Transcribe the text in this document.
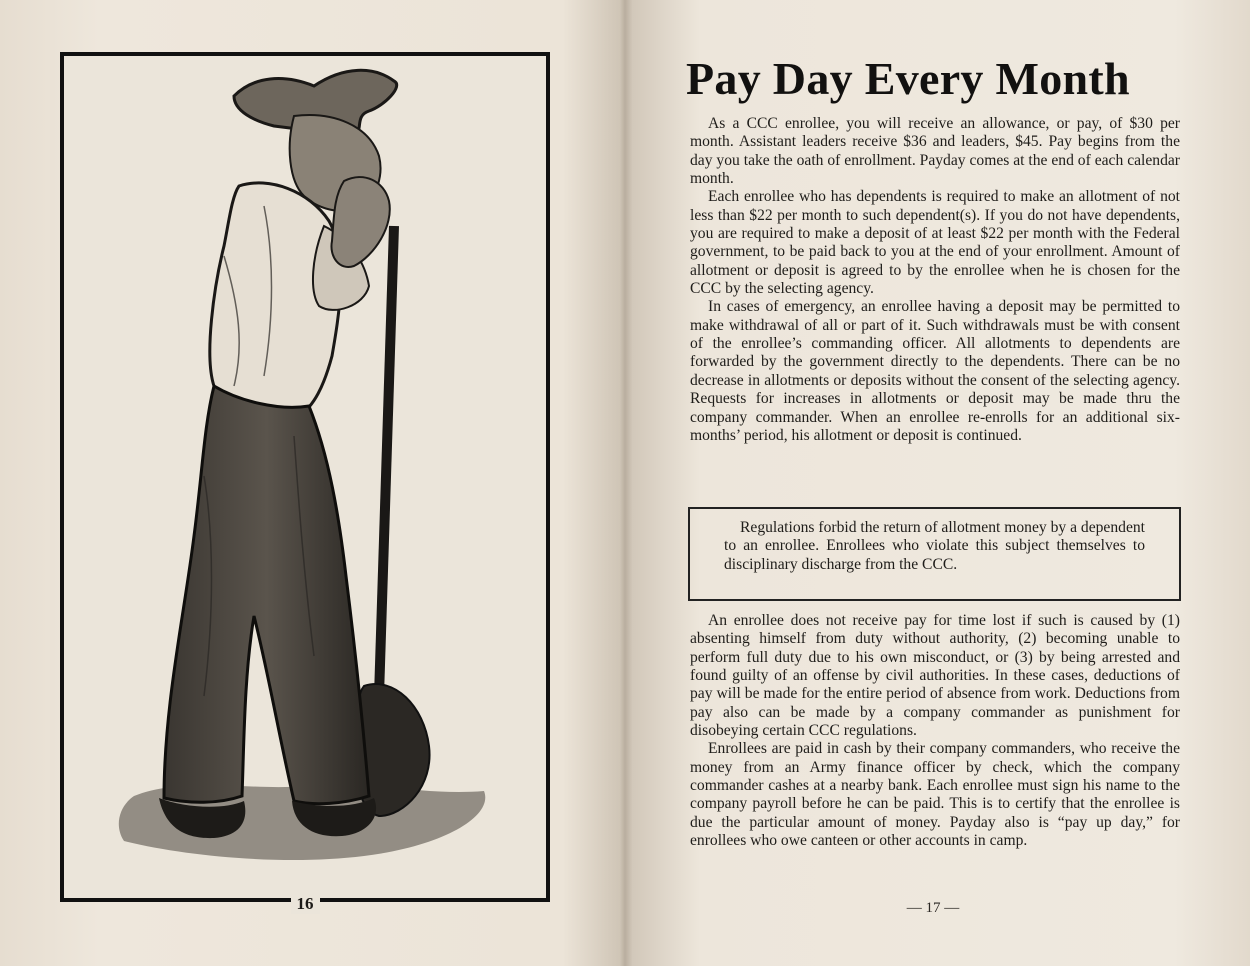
16
Pay Day Every Month

As a CCC enrollee, you will receive an allowance, or pay, of $30 per month. Assistant leaders receive $36 and leaders, $45. Pay begins from the day you take the oath of enrollment. Payday comes at the end of each calendar month.

Each enrollee who has dependents is required to make an allotment of not less than $22 per month to such dependent(s). If you do not have dependents, you are required to make a deposit of at least $22 per month with the Federal government, to be paid back to you at the end of your enrollment. Amount of allotment or deposit is agreed to by the enrollee when he is chosen for the CCC by the selecting agency.

In cases of emergency, an enrollee having a deposit may be permitted to make withdrawal of all or part of it. Such withdrawals must be with consent of the enrollee’s commanding officer. All allotments to dependents are forwarded by the government directly to the dependents. There can be no decrease in allotments or deposits without the consent of the selecting agency. Requests for increases in allotments or deposit may be made thru the company commander. When an enrollee re-enrolls for an additional six-months’ period, his allotment or deposit is continued.

Regulations forbid the return of allotment money by a dependent to an enrollee. Enrollees who violate this subject themselves to disciplinary discharge from the CCC.

An enrollee does not receive pay for time lost if such is caused by (1) absenting himself from duty without authority, (2) becoming unable to perform full duty due to his own misconduct, or (3) by being arrested and found guilty of an offense by civil authorities. In these cases, deductions of pay will be made for the entire period of absence from work. Deductions from pay also can be made by a company commander as punishment for disobeying certain CCC regulations.

Enrollees are paid in cash by their company commanders, who receive the money from an Army finance officer by check, which the company commander cashes at a nearby bank. Each enrollee must sign his name to the company payroll before he can be paid. This is to certify that the enrollee is due the particular amount of money. Payday also is “pay up day,” for enrollees who owe canteen or other accounts in camp.

— 17 —
